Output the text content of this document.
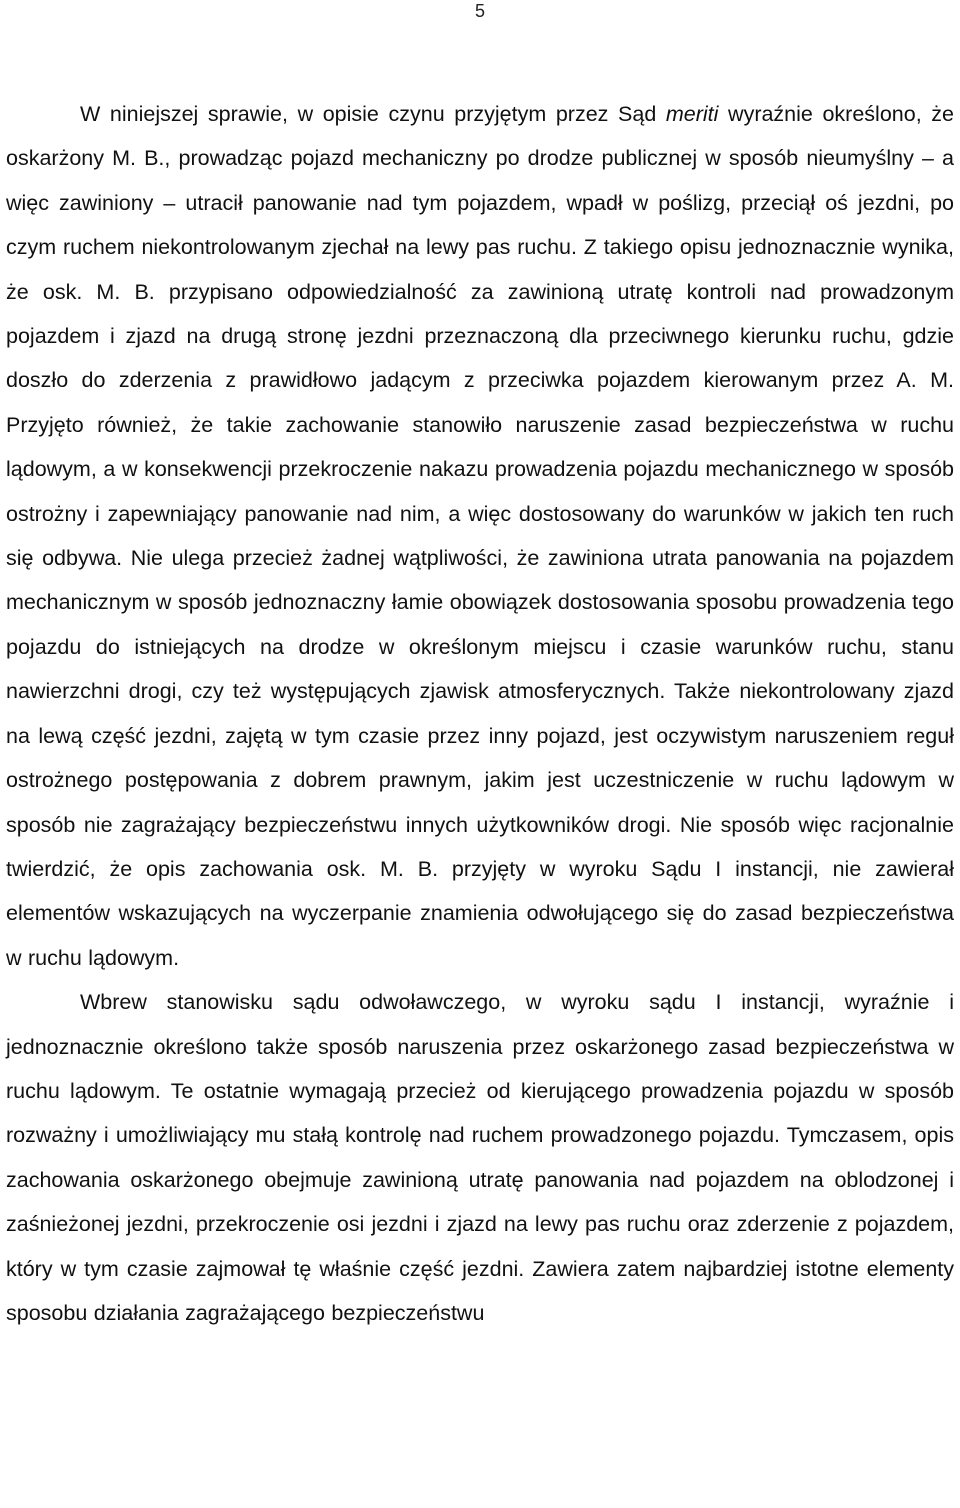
5

W niniejszej sprawie, w opisie czynu przyjętym przez Sąd meriti wyraźnie określono, że oskarżony M. B., prowadząc pojazd mechaniczny po drodze publicznej w sposób nieumyślny – a więc zawiniony – utracił panowanie nad tym pojazdem, wpadł w poślizg, przeciął oś jezdni, po czym ruchem niekontrolowanym zjechał na lewy pas ruchu. Z takiego opisu jednoznacznie wynika, że osk. M. B. przypisano odpowiedzialność za zawinioną utratę kontroli nad prowadzonym pojazdem i zjazd na drugą stronę jezdni przeznaczoną dla przeciwnego kierunku ruchu, gdzie doszło do zderzenia z prawidłowo jadącym z przeciwka pojazdem kierowanym przez A. M. Przyjęto również, że takie zachowanie stanowiło naruszenie zasad bezpieczeństwa w ruchu lądowym, a w konsekwencji przekroczenie nakazu prowadzenia pojazdu mechanicznego w sposób ostrożny i zapewniający panowanie nad nim, a więc dostosowany do warunków w jakich ten ruch się odbywa. Nie ulega przecież żadnej wątpliwości, że zawiniona utrata panowania na pojazdem mechanicznym w sposób jednoznaczny łamie obowiązek dostosowania sposobu prowadzenia tego pojazdu do istniejących na drodze w określonym miejscu i czasie warunków ruchu, stanu nawierzchni drogi, czy też występujących zjawisk atmosferycznych. Także niekontrolowany zjazd na lewą część jezdni, zajętą w tym czasie przez inny pojazd, jest oczywistym naruszeniem reguł ostrożnego postępowania z dobrem prawnym, jakim jest uczestniczenie w ruchu lądowym w sposób nie zagrażający bezpieczeństwu innych użytkowników drogi. Nie sposób więc racjonalnie twierdzić, że opis zachowania osk. M. B. przyjęty w wyroku Sądu I instancji, nie zawierał elementów wskazujących na wyczerpanie znamienia odwołującego się do zasad bezpieczeństwa w ruchu lądowym.

Wbrew stanowisku sądu odwoławczego, w wyroku sądu I instancji, wyraźnie i jednoznacznie określono także sposób naruszenia przez oskarżonego zasad bezpieczeństwa w ruchu lądowym. Te ostatnie wymagają przecież od kierującego prowadzenia pojazdu w sposób rozważny i umożliwiający mu stałą kontrolę nad ruchem prowadzonego pojazdu. Tymczasem, opis zachowania oskarżonego obejmuje zawinioną utratę panowania nad pojazdem na oblodzonej i zaśnieżonej jezdni, przekroczenie osi jezdni i zjazd na lewy pas ruchu oraz zderzenie z pojazdem, który w tym czasie zajmował tę właśnie część jezdni. Zawiera zatem najbardziej istotne elementy sposobu działania zagrażającego bezpieczeństwu
